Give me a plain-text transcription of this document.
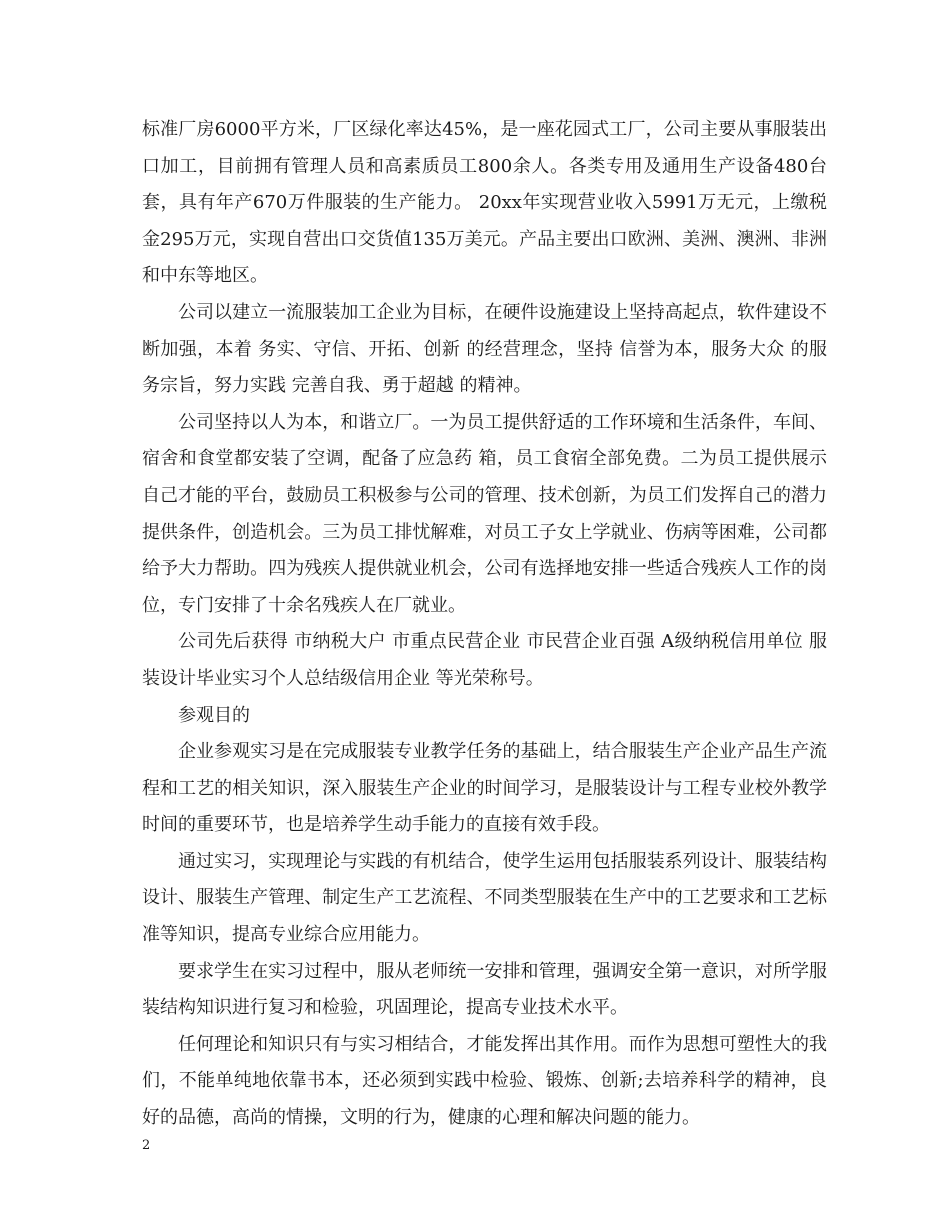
标准厂房6000平方米，厂区绿化率达45%，是一座花园式工厂，公司主要从事服装出口加工，目前拥有管理人员和高素质员工800余人。各类专用及通用生产设备480台套，具有年产670万件服装的生产能力。 20xx年实现营业收入5991万无元，上缴税金295万元，实现自营出口交货值135万美元。产品主要出口欧洲、美洲、澳洲、非洲和中东等地区。

公司以建立一流服装加工企业为目标，在硬件设施建设上坚持高起点，软件建设不断加强，本着 务实、守信、开拓、创新 的经营理念，坚持 信誉为本，服务大众 的服务宗旨，努力实践 完善自我、勇于超越 的精神。

公司坚持以人为本，和谐立厂。一为员工提供舒适的工作环境和生活条件，车间、宿舍和食堂都安装了空调，配备了应急药 箱，员工食宿全部免费。二为员工提供展示自己才能的平台，鼓励员工积极参与公司的管理、技术创新，为员工们发挥自己的潜力提供条件，创造机会。三为员工排忧解难，对员工子女上学就业、伤病等困难，公司都给予大力帮助。四为残疾人提供就业机会，公司有选择地安排一些适合残疾人工作的岗位，专门安排了十余名残疾人在厂就业。

公司先后获得 市纳税大户 市重点民营企业 市民营企业百强 A级纳税信用单位 服装设计毕业实习个人总结级信用企业 等光荣称号。

参观目的

企业参观实习是在完成服装专业教学任务的基础上，结合服装生产企业产品生产流程和工艺的相关知识，深入服装生产企业的时间学习，是服装设计与工程专业校外教学时间的重要环节，也是培养学生动手能力的直接有效手段。

通过实习，实现理论与实践的有机结合，使学生运用包括服装系列设计、服装结构设计、服装生产管理、制定生产工艺流程、不同类型服装在生产中的工艺要求和工艺标准等知识，提高专业综合应用能力。

要求学生在实习过程中，服从老师统一安排和管理，强调安全第一意识，对所学服装结构知识进行复习和检验，巩固理论，提高专业技术水平。

任何理论和知识只有与实习相结合，才能发挥出其作用。而作为思想可塑性大的我们，不能单纯地依靠书本，还必须到实践中检验、锻炼、创新;去培养科学的精神，良好的品德，高尚的情操，文明的行为，健康的心理和解决问题的能力。

2
